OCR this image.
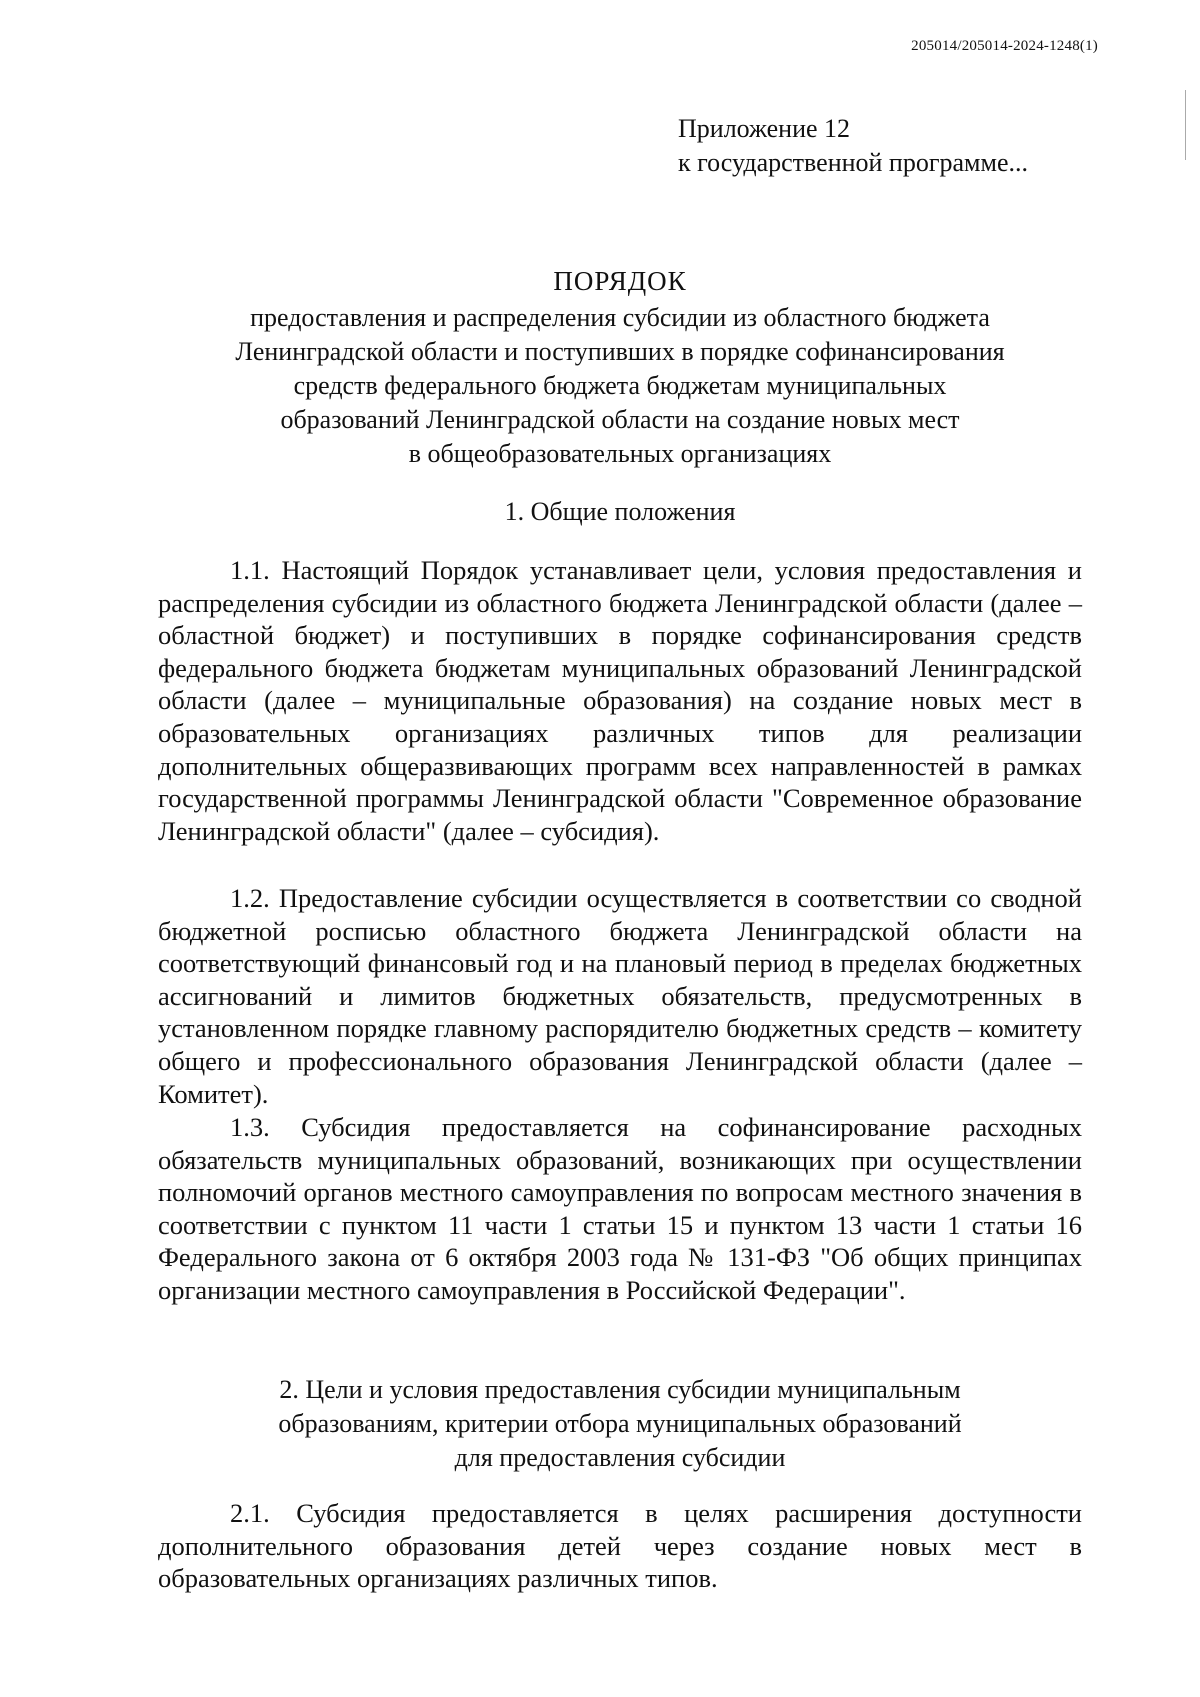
205014/205014-2024-1248(1)
Приложение 12
к государственной программе...
ПОРЯДОК
предоставления и распределения субсидии из областного бюджета
Ленинградской области и поступивших в порядке софинансирования
средств федерального бюджета бюджетам муниципальных
образований Ленинградской области на создание новых мест
в общеобразовательных организациях
1. Общие положения

1.1. Настоящий Порядок устанавливает цели, условия предоставления и распределения субсидии из областного бюджета Ленинградской области (далее – областной бюджет) и поступивших в порядке софинансирования средств федерального бюджета бюджетам муниципальных образований Ленинградской области (далее – муниципальные образования) на создание новых мест в образовательных организациях различных типов для реализации дополнительных общеразвивающих программ всех направленностей в рамках государственной программы Ленинградской области "Современное образование Ленинградской области" (далее – субсидия).

1.2. Предоставление субсидии осуществляется в соответствии со сводной бюджетной росписью областного бюджета Ленинградской области на соответствующий финансовый год и на плановый период в пределах бюджетных ассигнований и лимитов бюджетных обязательств, предусмотренных в установленном порядке главному распорядителю бюджетных средств – комитету общего и профессионального образования Ленинградской области (далее – Комитет).

1.3. Субсидия предоставляется на софинансирование расходных обязательств муниципальных образований, возникающих при осуществлении полномочий органов местного самоуправления по вопросам местного значения в соответствии с пунктом 11 части 1 статьи 15 и пунктом 13 части 1 статьи 16 Федерального закона от 6 октября 2003 года № 131-ФЗ "Об общих принципах организации местного самоуправления в Российской Федерации".

2. Цели и условия предоставления субсидии муниципальным
образованиям, критерии отбора муниципальных образований
для предоставления субсидии

2.1. Субсидия предоставляется в целях расширения доступности дополнительного образования детей через создание новых мест в образовательных организациях различных типов.
